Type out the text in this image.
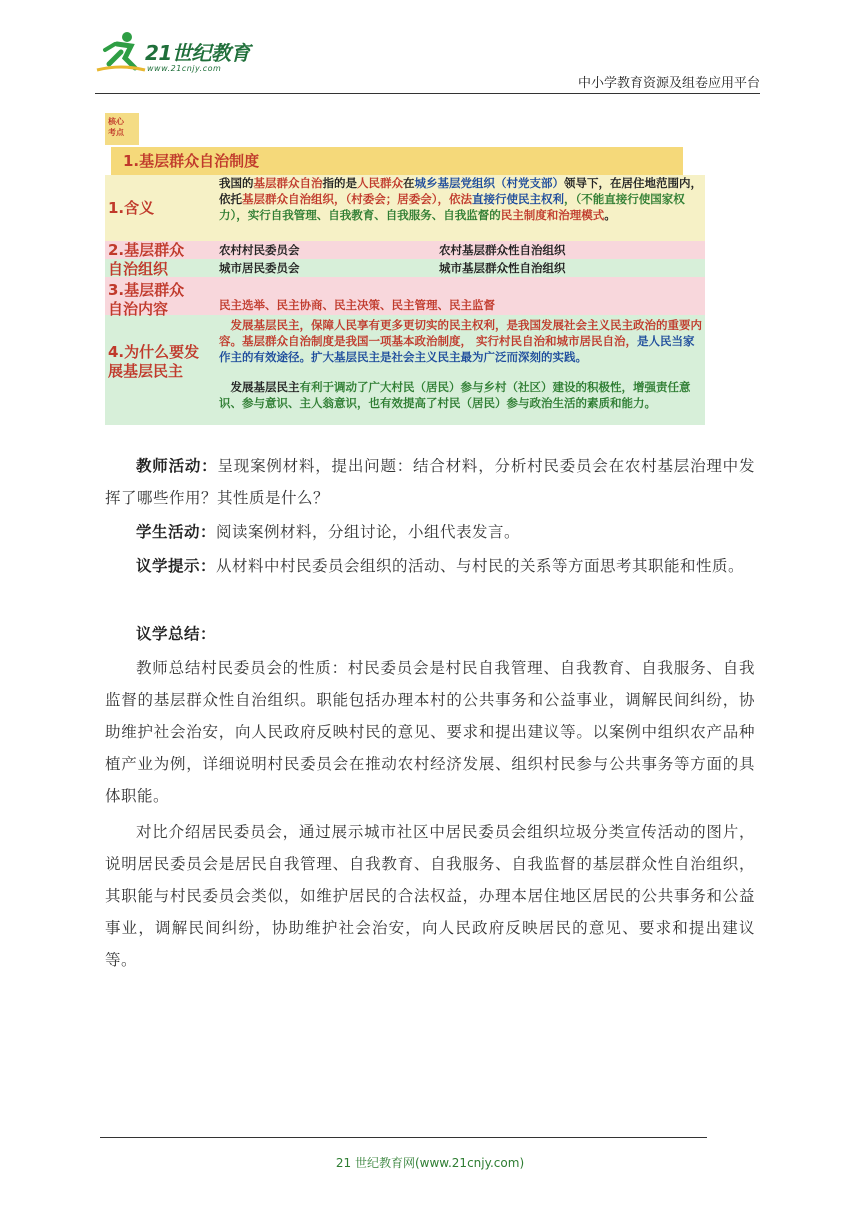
21世纪教育
www.21cnjy.com
中小学教育资源及组卷应用平台
核心
考点
1.基层群众自治制度
1.含义
2.基层群众
自治组织
3.基层群众
自治内容
4.为什么要发
展基层民主
我国的基层群众自治指的是人民群众在城乡基层党组织（村党支部）领导下，在居住地范围内，依托基层群众自治组织，（村委会；居委会），依法直接行使民主权利，（不能直接行使国家权力），实行自我管理、自我教育、自我服务、自我监督的民主制度和治理模式。
农村村民委员会	农村基层群众性自治组织
城市居民委员会	城市基层群众性自治组织
民主选举、民主协商、民主决策、民主管理、民主监督
发展基层民主，保障人民享有更多更切实的民主权利，是我国发展社会主义民主政治的重要内容。基层群众自治制度是我国一项基本政治制度， 实行村民自治和城市居民自治，是人民当家作主的有效途径。扩大基层民主是社会主义民主最为广泛而深刻的实践。
发展基层民主有利于调动了广大村民（居民）参与乡村（社区）建设的积极性，增强责任意识、参与意识、主人翁意识，也有效提高了村民（居民）参与政治生活的素质和能力。
教师活动：呈现案例材料，提出问题：结合材料，分析村民委员会在农村基层治理中发挥了哪些作用？其性质是什么？
学生活动：阅读案例材料，分组讨论，小组代表发言。
议学提示：从材料中村民委员会组织的活动、与村民的关系等方面思考其职能和性质。
议学总结：
教师总结村民委员会的性质：村民委员会是村民自我管理、自我教育、自我服务、自我监督的基层群众性自治组织。职能包括办理本村的公共事务和公益事业，调解民间纠纷，协助维护社会治安，向人民政府反映村民的意见、要求和提出建议等。以案例中组织农产品种植产业为例，详细说明村民委员会在推动农村经济发展、组织村民参与公共事务等方面的具体职能。
对比介绍居民委员会，通过展示城市社区中居民委员会组织垃圾分类宣传活动的图片，说明居民委员会是居民自我管理、自我教育、自我服务、自我监督的基层群众性自治组织，其职能与村民委员会类似，如维护居民的合法权益，办理本居住地区居民的公共事务和公益事业，调解民间纠纷，协助维护社会治安，向人民政府反映居民的意见、要求和提出建议等。
21 世纪教育网(www.21cnjy.com)
